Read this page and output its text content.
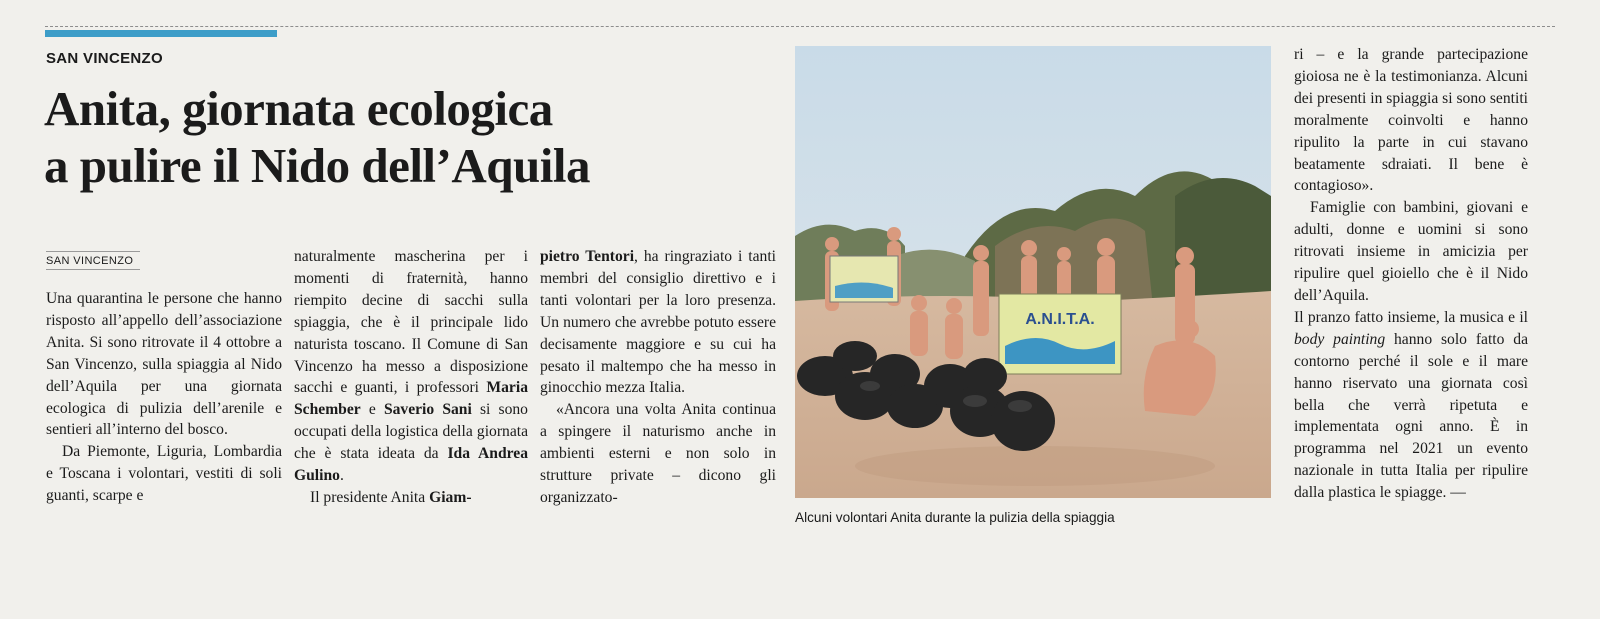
SAN VINCENZO
Anita, giornata ecologica
a pulire il Nido dell’Aquila
SAN VINCENZO

Una quarantina le persone che hanno risposto all’appello dell’associazione Anita. Si sono ritrovate il 4 ottobre a San Vincenzo, sulla spiaggia al Nido dell’Aquila per una giornata ecologica di pulizia dell’arenile e sentieri all’interno del bosco.

Da Piemonte, Liguria, Lombardia e Toscana i volontari, vestiti di soli guanti, scarpe e

naturalmente mascherina per i momenti di fraternità, hanno riempito decine di sacchi sulla spiaggia, che è il principale lido naturista toscano. Il Comune di San Vincenzo ha messo a disposizione sacchi e guanti, i professori Maria Schember e Saverio Sani si sono occupati della logistica della giornata che è stata ideata da Ida Andrea Gulino.

Il presidente Anita Giam-

pietro Tentori, ha ringraziato i tanti membri del consiglio direttivo e i tanti volontari per la loro presenza. Un numero che avrebbe potuto essere decisamente maggiore e su cui ha pesato il maltempo che ha messo in ginocchio mezza Italia.

«Ancora una volta Anita continua a spingere il naturismo anche in ambienti esterni e non solo in strutture private – dicono gli organizzato-

A.N.I.T.A.
Alcuni volontari Anita durante la pulizia della spiaggia

ri – e la grande partecipazione gioiosa ne è la testimonianza. Alcuni dei presenti in spiaggia si sono sentiti moralmente coinvolti e hanno ripulito la parte in cui stavano beatamente sdraiati. Il bene è contagioso».

Famiglie con bambini, giovani e adulti, donne e uomini si sono ritrovati insieme in amicizia per ripulire quel gioiello che è il Nido dell’Aquila.

Il pranzo fatto insieme, la musica e il body painting hanno solo fatto da contorno perché il sole e il mare hanno riservato una giornata così bella che verrà ripetuta e implementata ogni anno. È in programma nel 2021 un evento nazionale in tutta Italia per ripulire dalla plastica le spiagge. —
